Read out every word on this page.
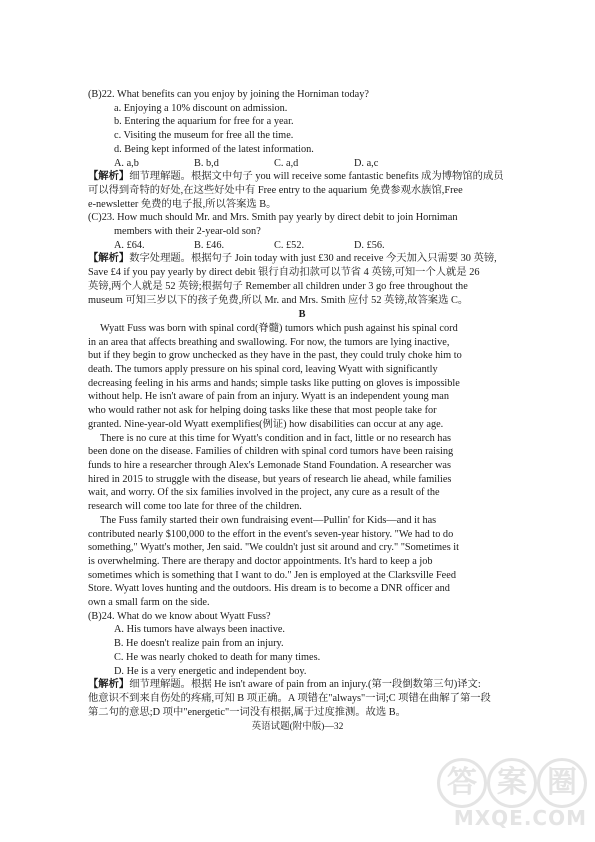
(B)22. What benefits can you enjoy by joining the Horniman today?
a. Enjoying a 10% discount on admission.
b. Entering the aquarium for free for a year.
c. Visiting the museum for free all the time.
d. Being kept informed of the latest information.
A. a,b	B. b,d	C. a,d	D. a,c
【解析】细节理解题。根据文中句子 you will receive some fantastic benefits 成为博物馆的成员
可以得到奇特的好处,在这些好处中有 Free entry to the aquarium 免费参观水族馆,Free
e-newsletter 免费的电子报,所以答案选 B。
(C)23. How much should Mr. and Mrs. Smith pay yearly by direct debit to join Horniman
members with their 2-year-old son?
A. £64.	B. £46.	C. £52.	D. £56.
【解析】数字处理题。根据句子 Join today with just £30 and receive 今天加入只需要 30 英镑,
Save £4 if you pay yearly by direct debit 银行自动扣款可以节省 4 英镑,可知一个人就是 26
英镑,两个人就是 52 英镑;根据句子 Remember all children under 3 go free throughout the
museum 可知三岁以下的孩子免费,所以 Mr. and Mrs. Smith 应付 52 英镑,故答案选 C。
B
Wyatt Fuss was born with spinal cord(脊髓) tumors which push against his spinal cord
in an area that affects breathing and swallowing. For now, the tumors are lying inactive,
but if they begin to grow unchecked as they have in the past, they could truly choke him to
death. The tumors apply pressure on his spinal cord, leaving Wyatt with significantly
decreasing feeling in his arms and hands; simple tasks like putting on gloves is impossible
without help. He isn't aware of pain from an injury. Wyatt is an independent young man
who would rather not ask for helping doing tasks like these that most people take for
granted. Nine-year-old Wyatt exemplifies(例证) how disabilities can occur at any age.
There is no cure at this time for Wyatt's condition and in fact, little or no research has
been done on the disease. Families of children with spinal cord tumors have been raising
funds to hire a researcher through Alex's Lemonade Stand Foundation. A researcher was
hired in 2015 to struggle with the disease, but years of research lie ahead, while families
wait, and worry. Of the six families involved in the project, any cure as a result of the
research will come too late for three of the children.
The Fuss family started their own fundraising event—Pullin' for Kids—and it has
contributed nearly $100,000 to the effort in the event's seven-year history. "We had to do
something," Wyatt's mother, Jen said. "We couldn't just sit around and cry." "Sometimes it
is overwhelming. There are therapy and doctor appointments. It's hard to keep a job
sometimes which is something that I want to do." Jen is employed at the Clarksville Feed
Store. Wyatt loves hunting and the outdoors. His dream is to become a DNR officer and
own a small farm on the side.
(B)24. What do we know about Wyatt Fuss?
A. His tumors have always been inactive.
B. He doesn't realize pain from an injury.
C. He was nearly choked to death for many times.
D. He is a very energetic and independent boy.
【解析】细节理解题。根据 He isn't aware of pain from an injury.(第一段倒数第三句)译文:
他意识不到来自伤处的疼痛,可知 B 项正确。A 项错在"always"一词;C 项错在曲解了第一段
第二句的意思;D 项中"energetic"一词没有根据,属于过度推测。故选 B。
英语试题(附中版)—32
答 案 圈
MXQE.COM
